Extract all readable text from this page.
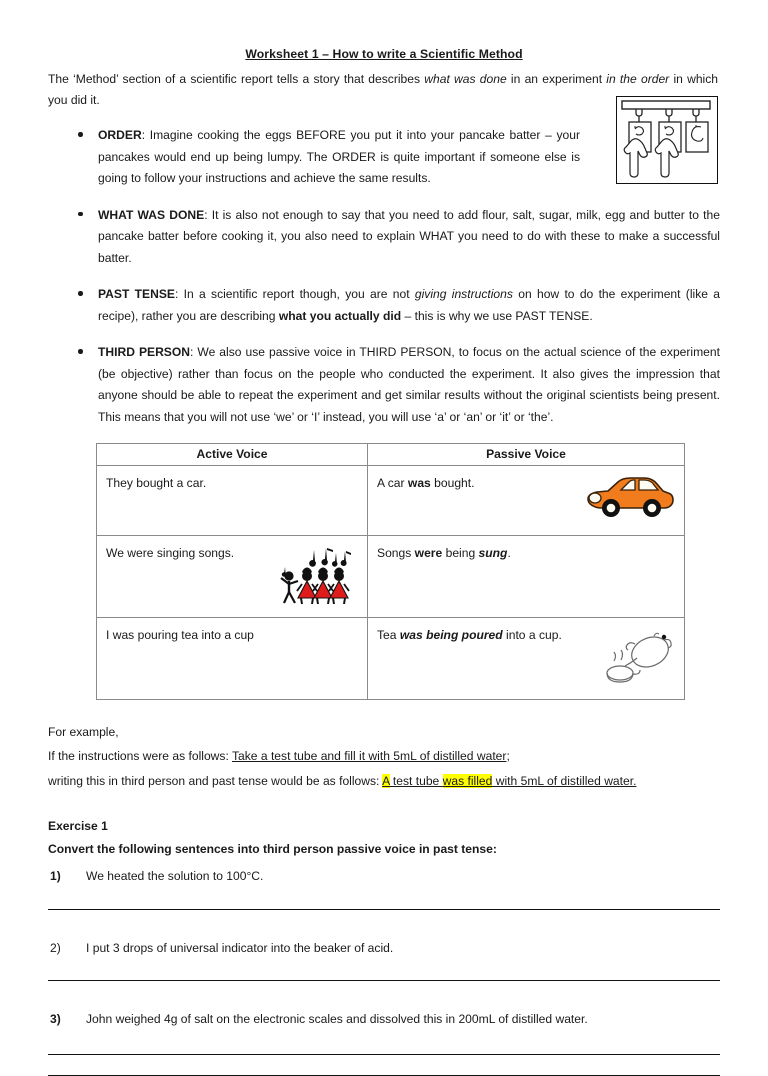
Worksheet 1 – How to write a Scientific Method

The ‘Method’ section of a scientific report tells a story that describes what was done in an experiment in the order in which you did it.

ORDER: Imagine cooking the eggs BEFORE you put it into your pancake batter – your pancakes would end up being lumpy. The ORDER is quite important if someone else is going to follow your instructions and achieve the same results.
WHAT WAS DONE: It is also not enough to say that you need to add flour, salt, sugar, milk, egg and butter to the pancake batter before cooking it, you also need to explain WHAT you need to do with these to make a successful batter.
PAST TENSE: In a scientific report though, you are not giving instructions on how to do the experiment (like a recipe), rather you are describing what you actually did – this is why we use PAST TENSE.
THIRD PERSON: We also use passive voice in THIRD PERSON, to focus on the actual science of the experiment (be objective) rather than focus on the people who conducted the experiment. It also gives the impression that anyone should be able to repeat the experiment and get similar results without the original scientists being present. This means that you will not use ‘we’ or ‘I’ instead, you will use ‘a’ or ‘an’ or ‘it’ or ‘the’.
Active Voice	Passive Voice
They bought a car.	A car was bought.

We were singing songs.	Songs were being sung.
I was pouring tea into a cup	Tea was being poured into a cup.
For example,
If the instructions were as follows: Take a test tube and fill it with 5mL of distilled water;
writing this in third person and past tense would be as follows: A test tube was filled with 5mL of distilled water.
Exercise 1
Convert the following sentences into third person passive voice in past tense:
1)	We heated the solution to 100°C.
2)	I put 3 drops of universal indicator into the beaker of acid.
3)	John weighed 4g of salt on the electronic scales and dissolved this in 200mL of distilled water.
